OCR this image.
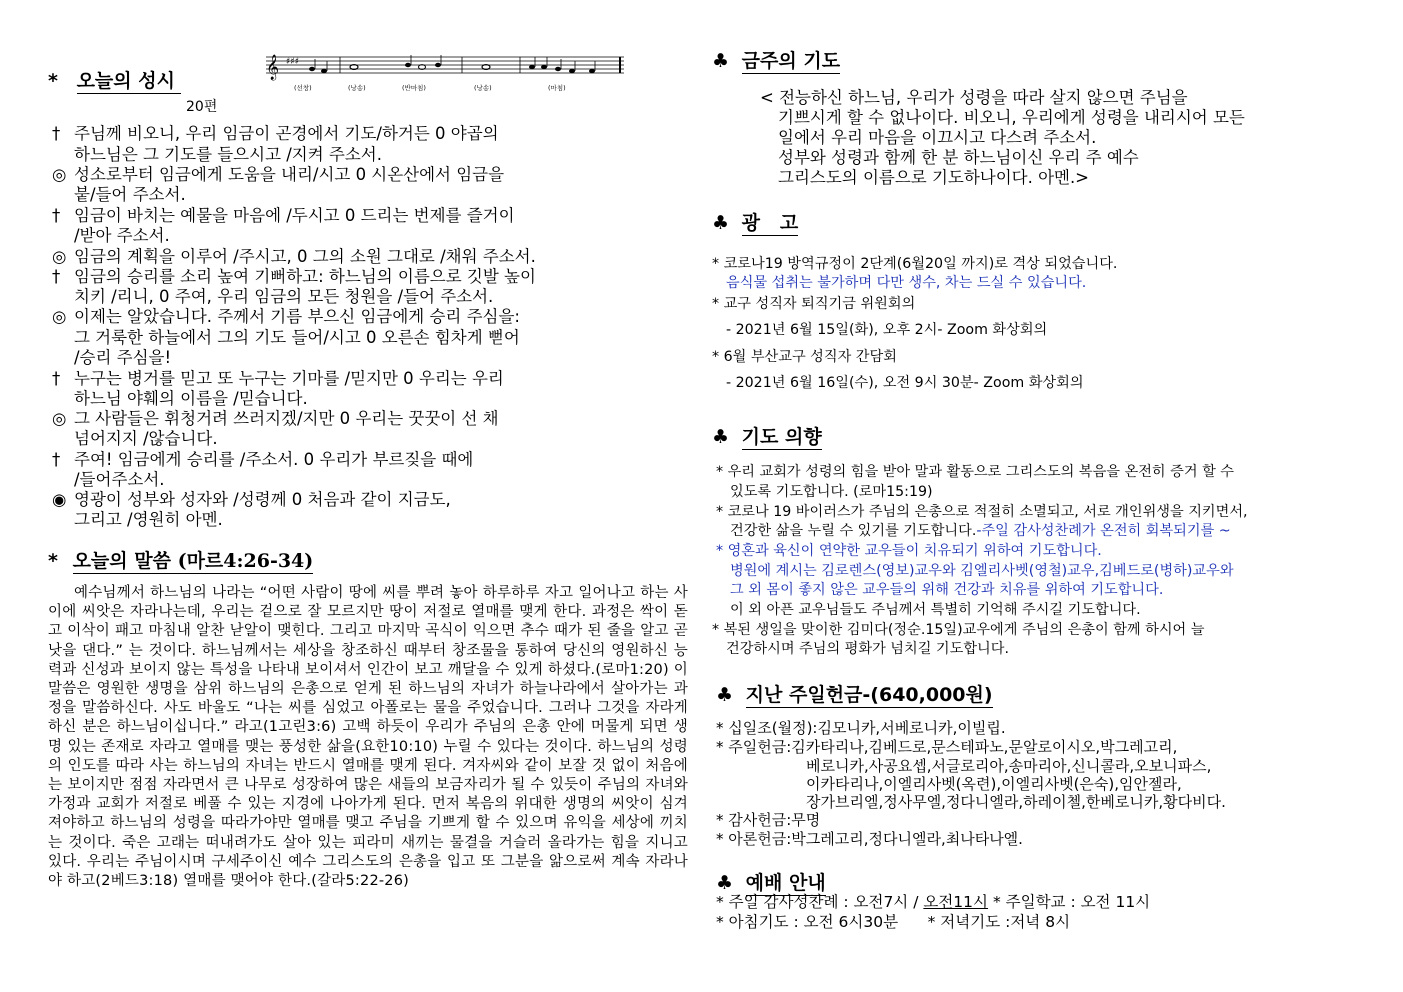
* 오늘의 성시
20편
𝄞 ♯♯♯
(선창)	(낭송)	(반마침)	(낭송)	(마침)
† 주님께 비오니, 우리 임금이 곤경에서 기도/하거든 0 야곱의
하느님은 그 기도를 들으시고 /지켜 주소서.
◎ 성소로부터 임금에게 도움을 내리/시고 0 시온산에서 임금을
붙/들어 주소서.
† 임금이 바치는 예물을 마음에 /두시고 0 드리는 번제를 즐거이
/받아 주소서.
◎ 임금의 계획을 이루어 /주시고, 0 그의 소원 그대로 /채워 주소서.
† 임금의 승리를 소리 높여 기뻐하고: 하느님의 이름으로 깃발 높이
치키 /리니, 0 주여, 우리 임금의 모든 청원을 /들어 주소서.
◎ 이제는 알았습니다. 주께서 기름 부으신 임금에게 승리 주심을:
그 거룩한 하늘에서 그의 기도 들어/시고 0 오른손 힘차게 뻗어
/승리 주심을!
† 누구는 병거를 믿고 또 누구는 기마를 /믿지만 0 우리는 우리
하느님 야훼의 이름을 /믿습니다.
◎ 그 사람들은 휘청거려 쓰러지겠/지만 0 우리는 꿋꿋이 선 채
넘어지지 /않습니다.
† 주여! 임금에게 승리를 /주소서. 0 우리가 부르짖을 때에
/들어주소서.
◉ 영광이 성부와 성자와 /성령께 0 처음과 같이 지금도,
그리고 /영원히 아멘.
* 오늘의 말씀 (마르4:26-34)

예수님께서 하느님의 나라는 “어떤 사람이 땅에 씨를 뿌려 놓아 하루하루 자고 일어나고 하는 사이에 씨앗은 자라나는데, 우리는 겉으로 잘 모르지만 땅이 저절로 열매를 맺게 한다. 과정은 싹이 돋고 이삭이 패고 마침내 알찬 낟알이 맺힌다. 그리고 마지막 곡식이 익으면 추수 때가 된 줄을 알고 곧 낫을 댄다.” 는 것이다. 하느님께서는 세상을 창조하신 때부터 창조물을 통하여 당신의 영원하신 능력과 신성과 보이지 않는 특성을 나타내 보이셔서 인간이 보고 깨달을 수 있게 하셨다.(로마1:20) 이 말씀은 영원한 생명을 삼위 하느님의 은총으로 얻게 된 하느님의 자녀가 하늘나라에서 살아가는 과정을 말씀하신다. 사도 바울도 “나는 씨를 심었고 아폴로는 물을 주었습니다. 그러나 그것을 자라게 하신 분은 하느님이십니다.” 라고(1고린3:6) 고백 하듯이 우리가 주님의 은총 안에 머물게 되면 생명 있는 존재로 자라고 열매를 맺는 풍성한 삶을(요한10:10) 누릴 수 있다는 것이다. 하느님의 성령의 인도를 따라 사는 하느님의 자녀는 반드시 열매를 맺게 된다. 겨자씨와 같이 보잘 것 없이 처음에는 보이지만 점점 자라면서 큰 나무로 성장하여 많은 새들의 보금자리가 될 수 있듯이 주님의 자녀와 가정과 교회가 저절로 베풀 수 있는 지경에 나아가게 된다. 먼저 복음의 위대한 생명의 씨앗이 심겨져야하고 하느님의 성령을 따라가야만 열매를 맺고 주님을 기쁘게 할 수 있으며 유익을 세상에 끼치는 것이다. 죽은 고래는 떠내려가도 살아 있는 피라미 새끼는 물결을 거슬러 올라가는 힘을 지니고 있다. 우리는 주님이시며 구세주이신 예수 그리스도의 은총을 입고 또 그분을 앎으로써 계속 자라나야 하고(2베드3:18) 열매를 맺어야 한다.(갈라5:22-26)

♣ 금주의 기도
< 전능하신 하느님, 우리가 성령을 따라 살지 않으면 주님을
기쁘시게 할 수 없나이다. 비오니, 우리에게 성령을 내리시어 모든
일에서 우리 마음을 이끄시고 다스려 주소서.
성부와 성령과 함께 한 분 하느님이신 우리 주 예수
그리스도의 이름으로 기도하나이다. 아멘.>
♣ 광   고
* 코로나19 방역규정이 2단계(6월20일 까지)로 격상 되었습니다.
음식물 섭취는 불가하며 다만 생수, 차는 드실 수 있습니다.
* 교구 성직자 퇴직기금 위원회의
- 2021년 6월 15일(화), 오후 2시- Zoom 화상회의
* 6월 부산교구 성직자 간담회
- 2021년 6월 16일(수), 오전 9시 30분- Zoom 화상회의
♣ 기도 의향
* 우리 교회가 성령의 힘을 받아 말과 활동으로 그리스도의 복음을 온전히 증거 할 수
있도록 기도합니다. (로마15:19)
* 코로나 19 바이러스가 주님의 은총으로 적절히 소멸되고, 서로 개인위생을 지키면서,
건강한 삶을 누릴 수 있기를 기도합니다.-주일 감사성찬례가 온전히 회복되기를 ~
* 영혼과 육신이 연약한 교우들이 치유되기 위하여 기도합니다.
병원에 계시는 김로렌스(영보)교우와 김엘리사벳(영철)교우,김베드로(병하)교우와
그 외 몸이 좋지 않은 교우들의 위해 건강과 치유를 위하여 기도합니다.
이 외 아픈 교우님들도 주님께서 특별히 기억해 주시길 기도합니다.
* 복된 생일을 맞이한 김미다(정순.15일)교우에게 주님의 은총이 함께 하시어 늘
건강하시며 주님의 평화가 넘치길 기도합니다.
♣ 지난 주일헌금-(640,000원)
* 십일조(월정):김모니카,서베로니카,이빌립.
* 주일헌금:김카타리나,김베드로,문스테파노,문알로이시오,박그레고리,
베로니카,사공요셉,서글로리아,송마리아,신니콜라,오보니파스,
이카타리나,이엘리사벳(옥련),이엘리사벳(은숙),임안젤라,
장가브리엘,정사무엘,정다니엘라,하레이첼,한베로니카,황다비다.
* 감사헌금:무명
* 아론헌금:박그레고리,정다니엘라,최나타나엘.
♣ 예배 안내
* 주일 감사성찬례 : 오전7시 / 오전11시 * 주일학교 : 오전 11시
* 아침기도 : 오전 6시30분      * 저녁기도 :저녁 8시
